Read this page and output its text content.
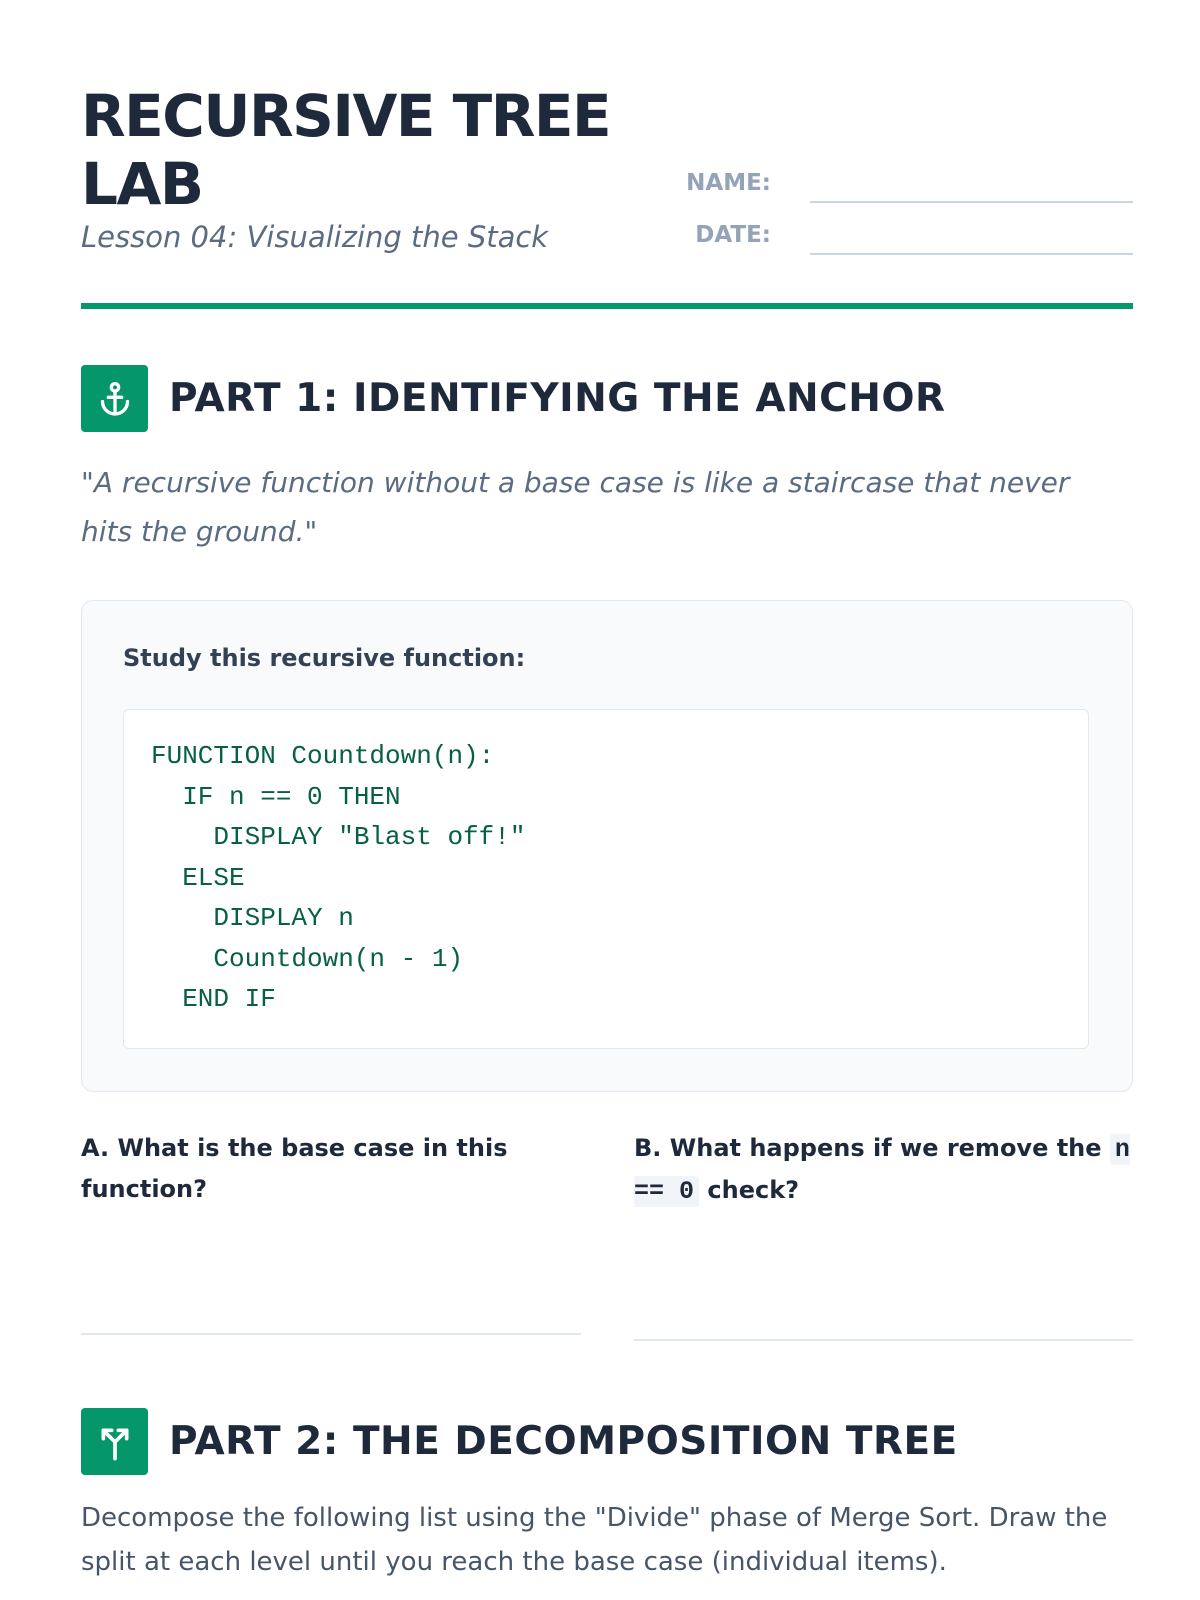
RECURSIVE TREE LAB

Lesson 04: Visualizing the Stack

NAME:
DATE:
PART 1: IDENTIFYING THE ANCHOR

"A recursive function without a base case is like a staircase that never hits the ground."

Study this recursive function:
FUNCTION Countdown(n):
IF n == 0 THEN
DISPLAY "Blast off!"
ELSE
DISPLAY n
Countdown(n - 1)
END IF

A. What is the base case in this function?

B. What happens if we remove the n == 0 check?

PART 2: THE DECOMPOSITION TREE

Decompose the following list using the "Divide" phase of Merge Sort. Draw the split at each level until you reach the base case (individual items).
